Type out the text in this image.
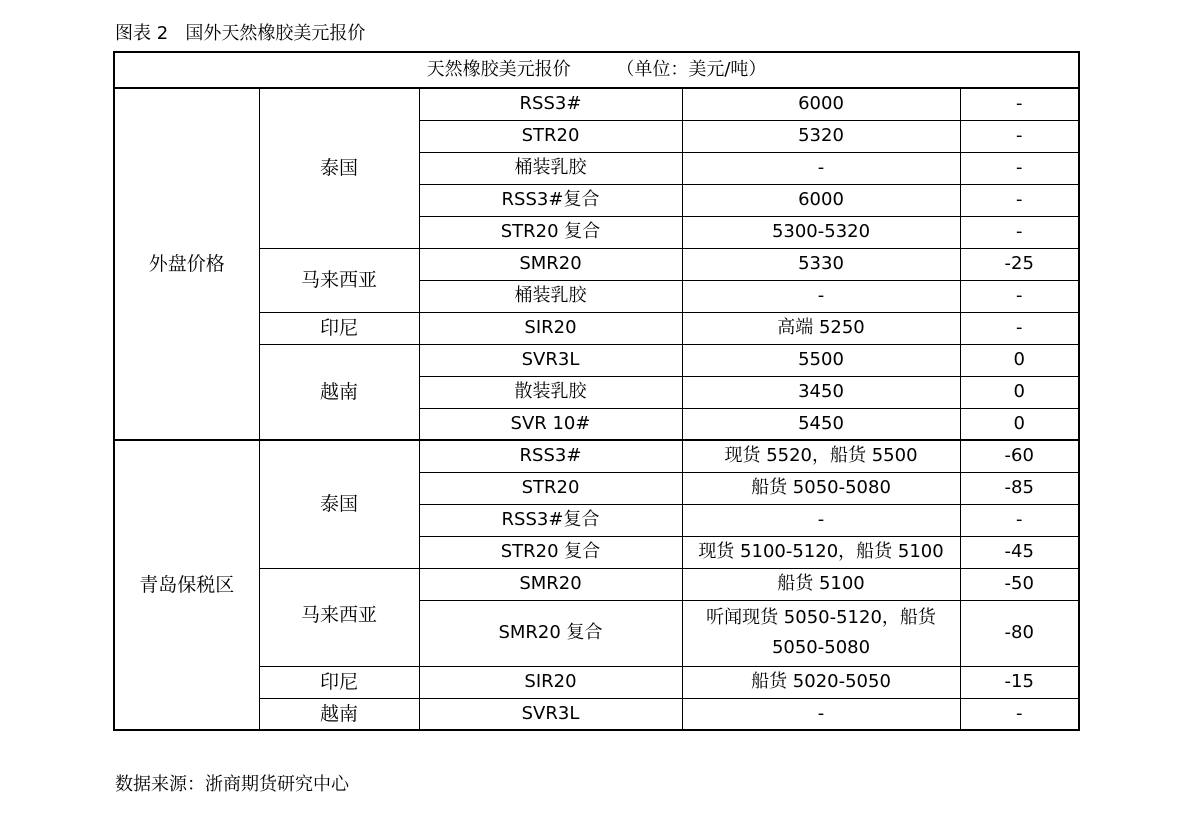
图表 2   国外天然橡胶美元报价
天然橡胶美元报价        （单位：美元/吨）				
外盘价格	泰国	RSS3#	6000	-
		STR20	5320	-
		桶装乳胶	-	-
		RSS3#复合	6000	-
		STR20 复合	5300-5320	-
	马来西亚	SMR20	5330	-25
		桶装乳胶	-	-
	印尼	SIR20	高端 5250	-
	越南	SVR3L	5500	0
		散装乳胶	3450	0
		SVR 10#	5450	0
青岛保税区	泰国	RSS3#	现货 5520，船货 5500	-60
		STR20	船货 5050-5080	-85
		RSS3#复合	-	-
		STR20 复合	现货 5100-5120，船货 5100	-45
	马来西亚	SMR20	船货 5100	-50
		SMR20 复合	听闻现货 5050-5120，船货
5050-5080	-80
	印尼	SIR20	船货 5020-5050	-15
	越南	SVR3L	-	-
数据来源：浙商期货研究中心
